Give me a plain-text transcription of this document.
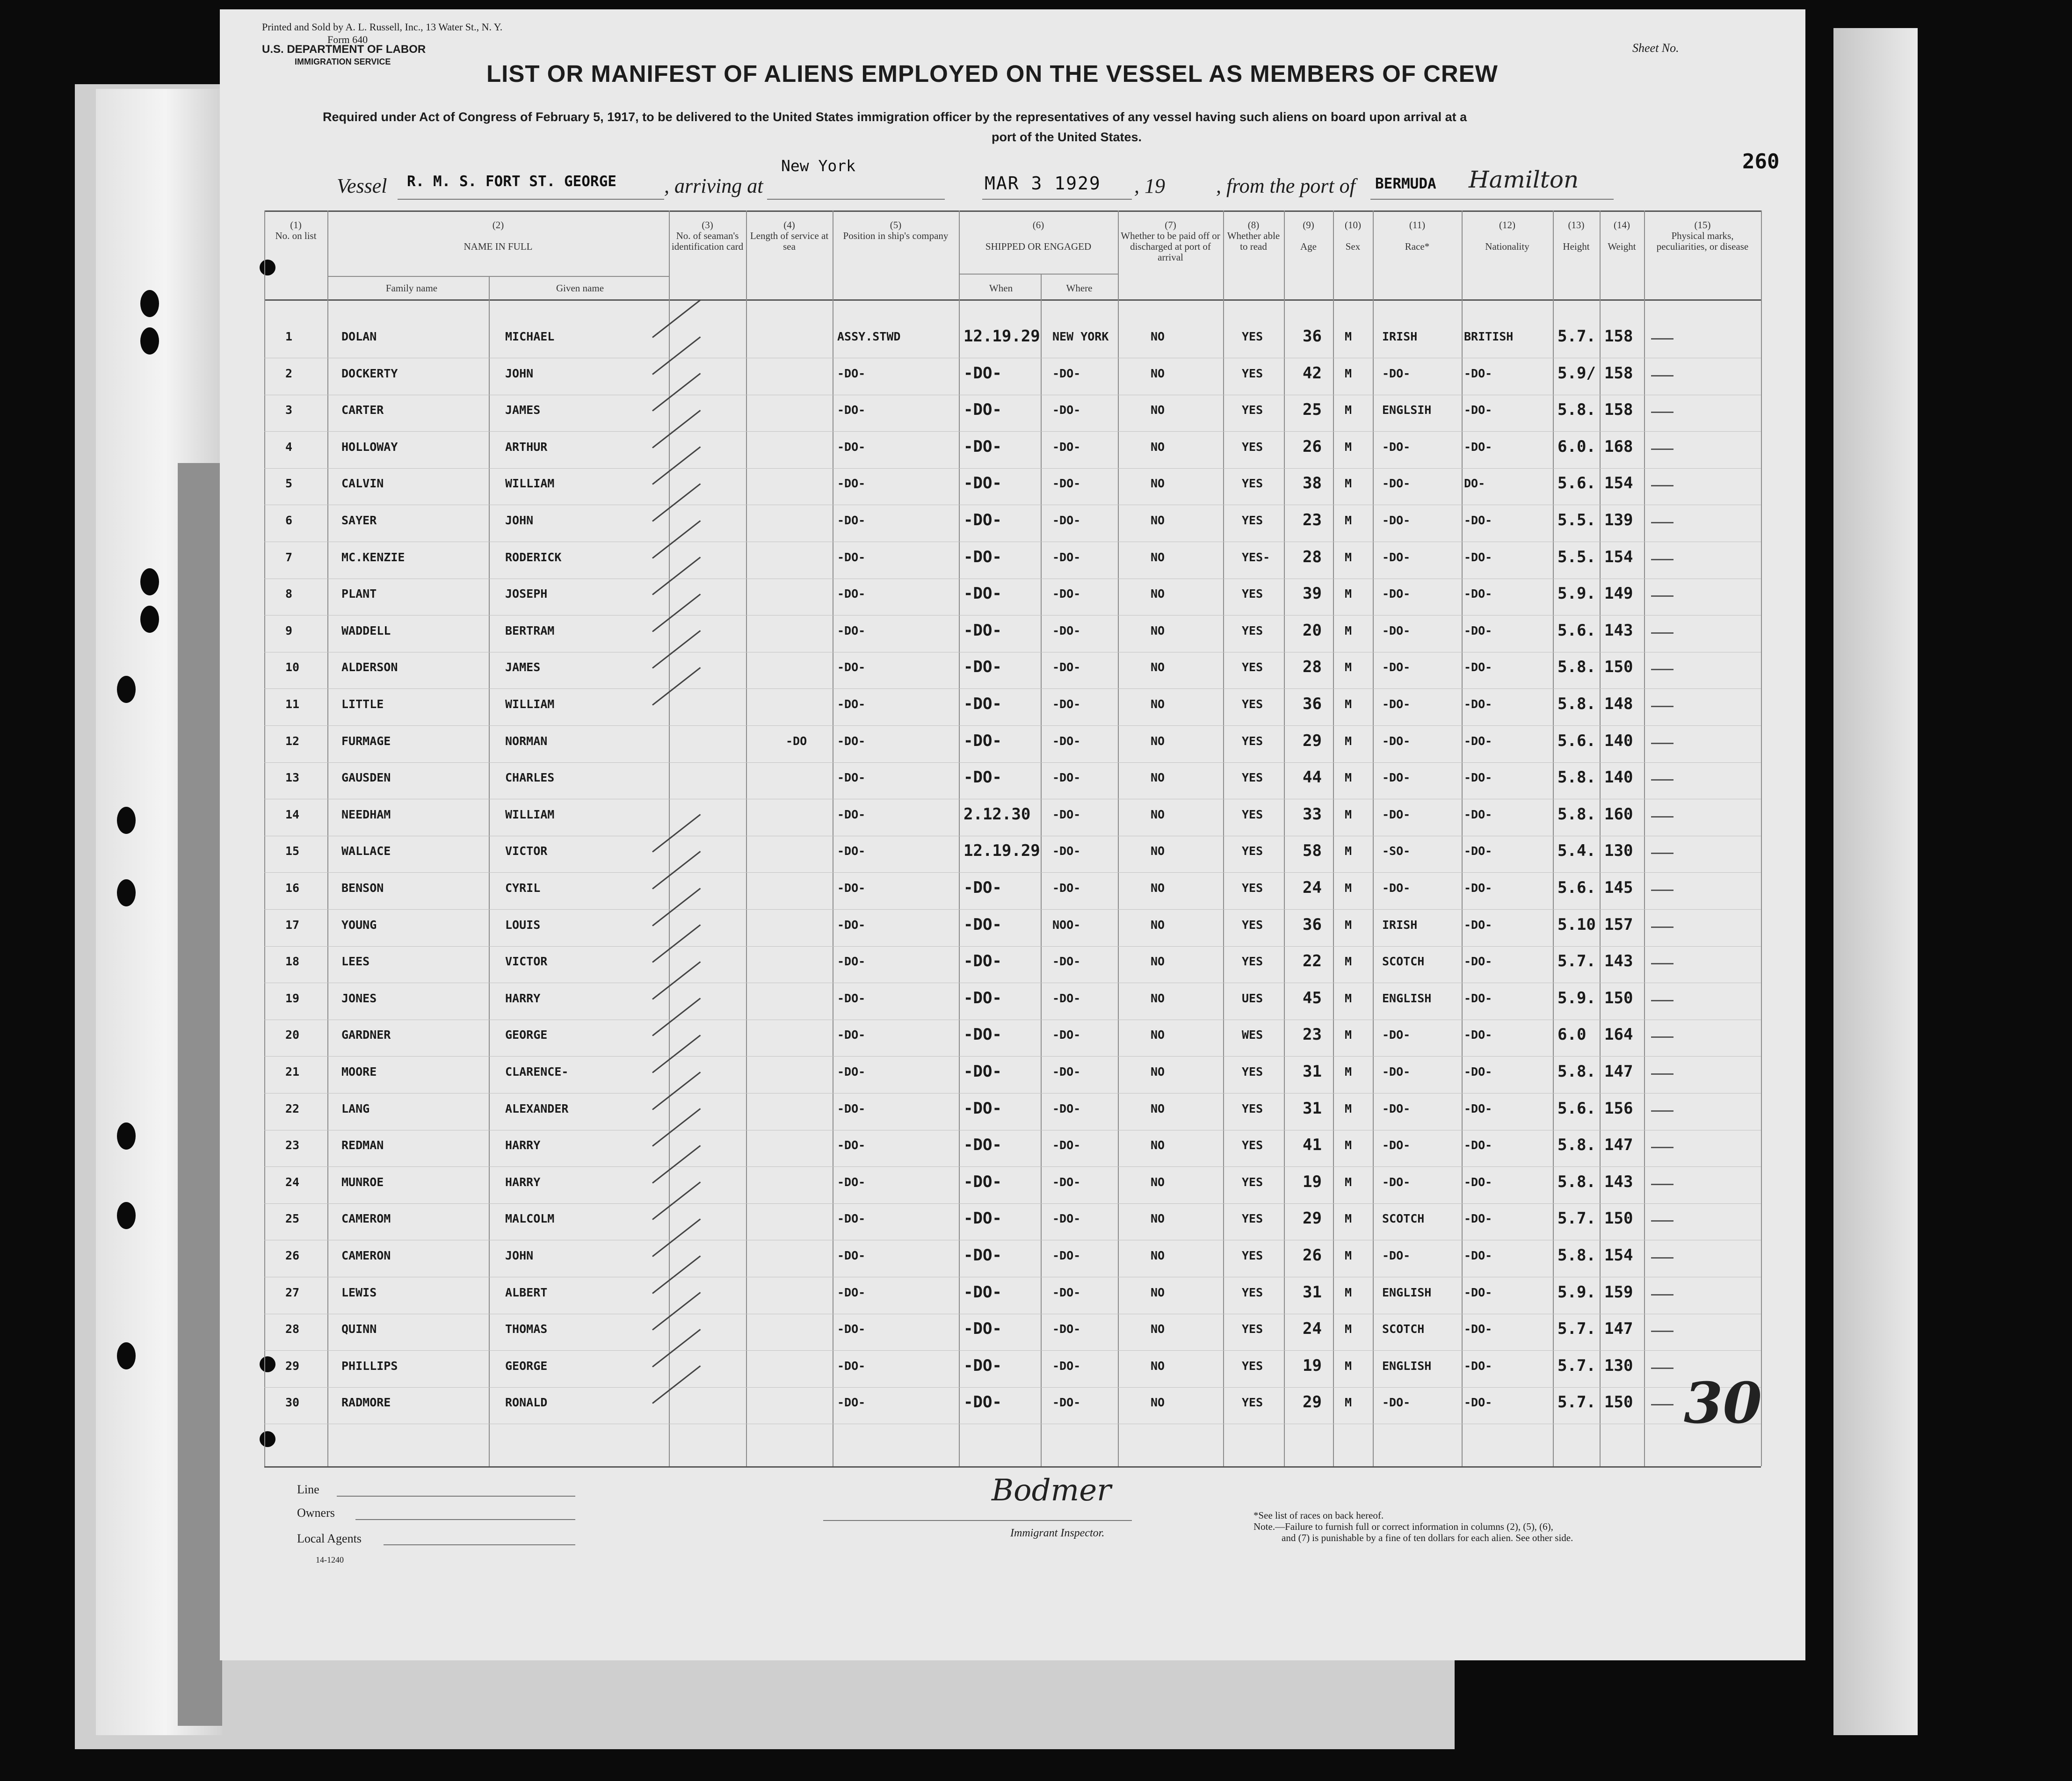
Printed and Sold by A. L. Russell, Inc., 13 Water St., N. Y.
Form 640
U.S. DEPARTMENT OF LABOR
IMMIGRATION SERVICE
Sheet No.
LIST OR MANIFEST OF ALIENS EMPLOYED ON THE VESSEL AS MEMBERS OF CREW
Required under Act of Congress of February 5, 1917, to be delivered to the United States immigration officer by the representatives of any vessel having such aliens on board upon arrival at a
port of the United States.
260
Vessel R. M. S. FORT ST. GEORGE , arriving at
New York
MAR 3 1929 , 19 , from the port of BERMUDA Hamilton
(1)
No. on list
(2)

NAME IN FULL
Family name	Given name
(3)
No. of seaman's identification card
(4)
Length of service at sea
(5)
Position in ship's company
(6)

SHIPPED OR ENGAGED
When	Where
(7)
Whether to be paid off or discharged at port of arrival
(8)
Whether able to read
(9)

Age
(10)

Sex
(11)

Race*
(12)

Nationality
(13)

Height
(14)

Weight
(15)
Physical marks, peculiarities, or disease
1	DOLAN	MICHAEL	ASSY.STWD	12.19.29 NEW YORK	NO	YES 36 M	IRISH	BRITISH	5.7. 158
2	DOCKERTY	JOHN	-DO-	-DO-	-DO-	NO	YES 42 M	-DO-	-DO-	5.9/ 158
3	CARTER	JAMES	-DO-	-DO-	-DO-	NO	YES 25 M	ENGLSIH	-DO-	5.8. 158
4	HOLLOWAY	ARTHUR	-DO-	-DO-	-DO-	NO	YES 26 M	-DO-	-DO-	6.0. 168
5	CALVIN	WILLIAM	-DO-	-DO-	-DO-	NO	YES 38 M	-DO-	DO-	5.6. 154
6	SAYER	JOHN	-DO-	-DO-	-DO-	NO	YES 23 M	-DO-	-DO-	5.5. 139
7	MC.KENZIE	RODERICK	-DO-	-DO-	-DO-	NO	YES- 28 M	-DO-	-DO-	5.5. 154
8	PLANT	JOSEPH	-DO-	-DO-	-DO-	NO	YES 39 M	-DO-	-DO-	5.9. 149
9	WADDELL	BERTRAM	-DO-	-DO-	-DO-	NO	YES 20 M	-DO-	-DO-	5.6. 143
10	ALDERSON	JAMES	-DO-	-DO-	-DO-	NO	YES 28 M	-DO-	-DO-	5.8. 150
11	LITTLE	WILLIAM	-DO-	-DO-	-DO-	NO	YES 36 M	-DO-	-DO-	5.8. 148
12	FURMAGE	NORMAN	-DO	-DO-	-DO-	-DO-	NO	YES 29 M	-DO-	-DO-	5.6. 140
13	GAUSDEN	CHARLES	-DO-	-DO-	-DO-	NO	YES 44 M	-DO-	-DO-	5.8. 140
14	NEEDHAM	WILLIAM	-DO-	2.12.30 -DO-	NO	YES 33 M	-DO-	-DO-	5.8. 160
15	WALLACE	VICTOR	-DO-	12.19.29 -DO-	NO	YES 58 M	-SO-	-DO-	5.4. 130
16	BENSON	CYRIL	-DO-	-DO-	-DO-	NO	YES 24 M	-DO-	-DO-	5.6. 145
17	YOUNG	LOUIS	-DO-	-DO-	NOO-	NO	YES 36 M	IRISH	-DO-	5.10 157
18	LEES	VICTOR	-DO-	-DO-	-DO-	NO	YES 22 M	SCOTCH	-DO-	5.7. 143
19	JONES	HARRY	-DO-	-DO-	-DO-	NO	UES 45 M	ENGLISH	-DO-	5.9. 150
20	GARDNER	GEORGE	-DO-	-DO-	-DO-	NO	WES 23 M	-DO-	-DO-	6.0 164
21	MOORE	CLARENCE-	-DO-	-DO-	-DO-	NO	YES 31 M	-DO-	-DO-	5.8. 147
22	LANG	ALEXANDER	-DO-	-DO-	-DO-	NO	YES 31 M	-DO-	-DO-	5.6. 156
23	REDMAN	HARRY	-DO-	-DO-	-DO-	NO	YES 41 M	-DO-	-DO-	5.8. 147
24	MUNROE	HARRY	-DO-	-DO-	-DO-	NO	YES 19 M	-DO-	-DO-	5.8. 143
25	CAMEROM	MALCOLM	-DO-	-DO-	-DO-	NO	YES 29 M	SCOTCH	-DO-	5.7. 150
26	CAMERON	JOHN	-DO-	-DO-	-DO-	NO	YES 26 M	-DO-	-DO-	5.8. 154
27	LEWIS	ALBERT	-DO-	-DO-	-DO-	NO	YES 31 M	ENGLISH	-DO-	5.9. 159
28	QUINN	THOMAS	-DO-	-DO-	-DO-	NO	YES 24 M	SCOTCH	-DO-	5.7. 147
29	PHILLIPS	GEORGE	-DO-	-DO-	-DO-	NO	YES 19 M	ENGLISH	-DO-	5.7. 130
30	RADMORE	RONALD	-DO-	-DO-	-DO-	NO	YES 29 M	-DO-	-DO-	5.7. 150 30
Line
Owners
Local Agents
14-1240
Bodmer
Immigrant Inspector.
*See list of races on back hereof.
Note.—Failure to furnish full or correct information in columns (2), (5), (6),
and (7) is punishable by a fine of ten dollars for each alien. See other side.
